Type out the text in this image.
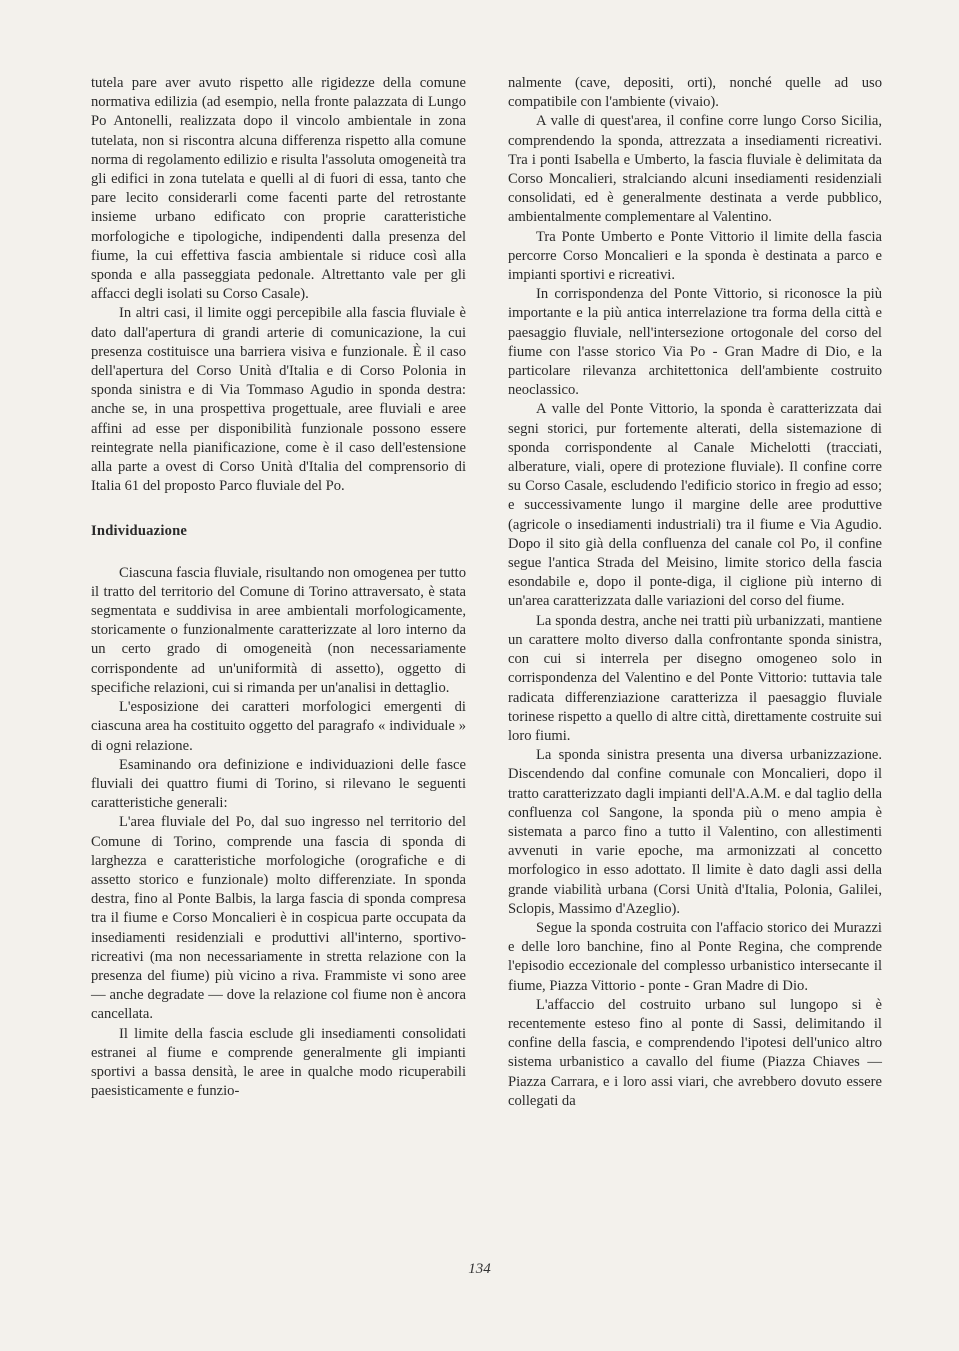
tutela pare aver avuto rispetto alle rigidezze della comune normativa edilizia (ad esempio, nella fronte palazzata di Lungo Po Antonelli, realizzata dopo il vincolo ambientale in zona tutelata, non si riscontra alcuna differenza rispetto alla comune norma di regolamento edilizio e risulta l'assoluta omogeneità tra gli edifici in zona tutelata e quelli al di fuori di essa, tanto che pare lecito considerarli come facenti parte del retrostante insieme urbano edificato con proprie caratteristiche morfologiche e tipologiche, indipendenti dalla presenza del fiume, la cui effettiva fascia ambientale si riduce così alla sponda e alla passeggiata pedonale. Altrettanto vale per gli affacci degli isolati su Corso Casale).

In altri casi, il limite oggi percepibile alla fascia fluviale è dato dall'apertura di grandi arterie di comunicazione, la cui presenza costituisce una barriera visiva e funzionale. È il caso dell'apertura del Corso Unità d'Italia e di Corso Polonia in sponda sinistra e di Via Tommaso Agudio in sponda destra: anche se, in una prospettiva progettuale, aree fluviali e aree affini ad esse per disponibilità funzionale possono essere reintegrate nella pianificazione, come è il caso dell'estensione alla parte a ovest di Corso Unità d'Italia del comprensorio di Italia 61 del proposto Parco fluviale del Po.

Individuazione

Ciascuna fascia fluviale, risultando non omogenea per tutto il tratto del territorio del Comune di Torino attraversato, è stata segmentata e suddivisa in aree ambientali morfologicamente, storicamente o funzionalmente caratterizzate al loro interno da un certo grado di omogeneità (non necessariamente corrispondente ad un'uniformità di assetto), oggetto di specifiche relazioni, cui si rimanda per un'analisi in dettaglio.

L'esposizione dei caratteri morfologici emergenti di ciascuna area ha costituito oggetto del paragrafo « individuale » di ogni relazione.

Esaminando ora definizione e individuazioni delle fasce fluviali dei quattro fiumi di Torino, si rilevano le seguenti caratteristiche generali:

L'area fluviale del Po, dal suo ingresso nel territorio del Comune di Torino, comprende una fascia di sponda di larghezza e caratteristiche morfologiche (orografiche e di assetto storico e funzionale) molto differenziate. In sponda destra, fino al Ponte Balbis, la larga fascia di sponda compresa tra il fiume e Corso Moncalieri è in cospicua parte occupata da insediamenti residenziali e produttivi all'interno, sportivo-ricreativi (ma non necessariamente in stretta relazione con la presenza del fiume) più vicino a riva. Frammiste vi sono aree — anche degradate — dove la relazione col fiume non è ancora cancellata.

Il limite della fascia esclude gli insediamenti consolidati estranei al fiume e comprende generalmente gli impianti sportivi a bassa densità, le aree in qualche modo ricuperabili paesisticamente e funzio-

nalmente (cave, depositi, orti), nonché quelle ad uso compatibile con l'ambiente (vivaio).

A valle di quest'area, il confine corre lungo Corso Sicilia, comprendendo la sponda, attrezzata a insediamenti ricreativi. Tra i ponti Isabella e Umberto, la fascia fluviale è delimitata da Corso Moncalieri, stralciando alcuni insediamenti residenziali consolidati, ed è generalmente destinata a verde pubblico, ambientalmente complementare al Valentino.

Tra Ponte Umberto e Ponte Vittorio il limite della fascia percorre Corso Moncalieri e la sponda è destinata a parco e impianti sportivi e ricreativi.

In corrispondenza del Ponte Vittorio, si riconosce la più importante e la più antica interrelazione tra forma della città e paesaggio fluviale, nell'intersezione ortogonale del corso del fiume con l'asse storico Via Po - Gran Madre di Dio, e la particolare rilevanza architettonica dell'ambiente costruito neoclassico.

A valle del Ponte Vittorio, la sponda è caratterizzata dai segni storici, pur fortemente alterati, della sistemazione di sponda corrispondente al Canale Michelotti (tracciati, alberature, viali, opere di protezione fluviale). Il confine corre su Corso Casale, escludendo l'edificio storico in fregio ad esso; e successivamente lungo il margine delle aree produttive (agricole o insediamenti industriali) tra il fiume e Via Agudio. Dopo il sito già della confluenza del canale col Po, il confine segue l'antica Strada del Meisino, limite storico della fascia esondabile e, dopo il ponte-diga, il ciglione più interno di un'area caratterizzata dalle variazioni del corso del fiume.

La sponda destra, anche nei tratti più urbanizzati, mantiene un carattere molto diverso dalla confrontante sponda sinistra, con cui si interrela per disegno omogeneo solo in corrispondenza del Valentino e del Ponte Vittorio: tuttavia tale radicata differenziazione caratterizza il paesaggio fluviale torinese rispetto a quello di altre città, direttamente costruite sui loro fiumi.

La sponda sinistra presenta una diversa urbanizzazione. Discendendo dal confine comunale con Moncalieri, dopo il tratto caratterizzato dagli impianti dell'A.A.M. e dal taglio della confluenza col Sangone, la sponda più o meno ampia è sistemata a parco fino a tutto il Valentino, con allestimenti avvenuti in varie epoche, ma armonizzati al concetto morfologico in esso adottato. Il limite è dato dagli assi della grande viabilità urbana (Corsi Unità d'Italia, Polonia, Galilei, Sclopis, Massimo d'Azeglio).

Segue la sponda costruita con l'affacio storico dei Murazzi e delle loro banchine, fino al Ponte Regina, che comprende l'episodio eccezionale del complesso urbanistico intersecante il fiume, Piazza Vittorio - ponte - Gran Madre di Dio.

L'affaccio del costruito urbano sul lungopo si è recentemente esteso fino al ponte di Sassi, delimitando il confine della fascia, e comprendendo l'ipotesi dell'unico altro sistema urbanistico a cavallo del fiume (Piazza Chiaves — Piazza Carrara, e i loro assi viari, che avrebbero dovuto essere collegati da

134
